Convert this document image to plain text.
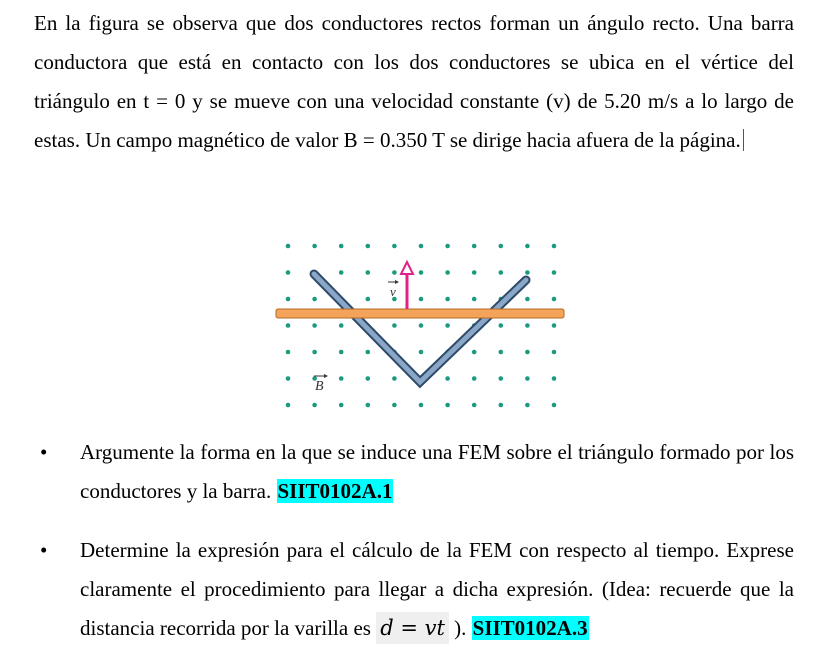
En la figura se observa que dos conductores rectos forman un ángulo recto. Una barra conductora que está en contacto con los dos conductores se ubica en el vértice del triángulo en t = 0 y se mueve con una velocidad constante (v) de 5.20 m/s a lo largo de estas. Un campo magnético de valor B = 0.350 T se dirige hacia afuera de la página.

v
B
• Argumente la forma en la que se induce una FEM sobre el triángulo formado por los conductores y la barra. SIIT0102A.1
• Determine la expresión para el cálculo de la FEM con respecto al tiempo. Exprese claramente el procedimiento para llegar a dicha expresión. (Idea: recuerde que la distancia recorrida por la varilla es d = vt ). SIIT0102A.3
